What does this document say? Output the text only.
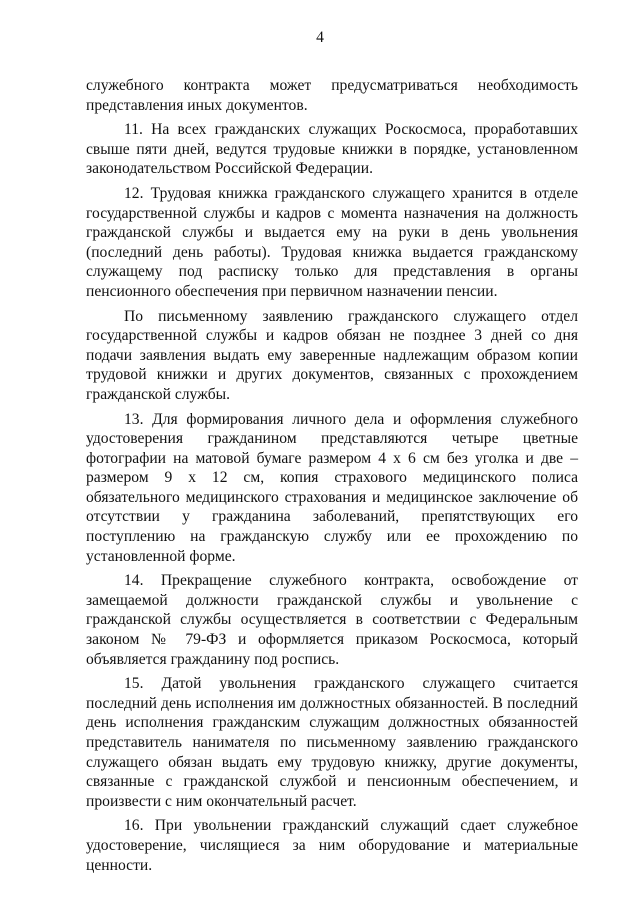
4

служебного контракта может предусматриваться необходимость представления иных документов.

11. На всех гражданских служащих Роскосмоса, проработавших свыше пяти дней, ведутся трудовые книжки в порядке, установленном законодательством Российской Федерации.

12. Трудовая книжка гражданского служащего хранится в отделе государственной службы и кадров с момента назначения на должность гражданской службы и выдается ему на руки в день увольнения (последний день работы). Трудовая книжка выдается гражданскому служащему под расписку только для представления в органы пенсионного обеспечения при первичном назначении пенсии.

По письменному заявлению гражданского служащего отдел государственной службы и кадров обязан не позднее 3 дней со дня подачи заявления выдать ему заверенные надлежащим образом копии трудовой книжки и других документов, связанных с прохождением гражданской службы.

13. Для формирования личного дела и оформления служебного удостоверения гражданином представляются четыре цветные фотографии на матовой бумаге размером 4 х 6 см без уголка и две – размером 9 х 12 см, копия страхового медицинского полиса обязательного медицинского страхования и медицинское заключение об отсутствии у гражданина заболеваний, препятствующих его поступлению на гражданскую службу или ее прохождению по установленной форме.

14. Прекращение служебного контракта, освобождение от замещаемой должности гражданской службы и увольнение с гражданской службы осуществляется в соответствии с Федеральным законом № 79-ФЗ и оформляется приказом Роскосмоса, который объявляется гражданину под роспись.

15. Датой увольнения гражданского служащего считается последний день исполнения им должностных обязанностей. В последний день исполнения гражданским служащим должностных обязанностей представитель нанимателя по письменному заявлению гражданского служащего обязан выдать ему трудовую книжку, другие документы, связанные с гражданской службой и пенсионным обеспечением, и произвести с ним окончательный расчет.

16. При увольнении гражданский служащий сдает служебное удостоверение, числящиеся за ним оборудование и материальные ценности.
